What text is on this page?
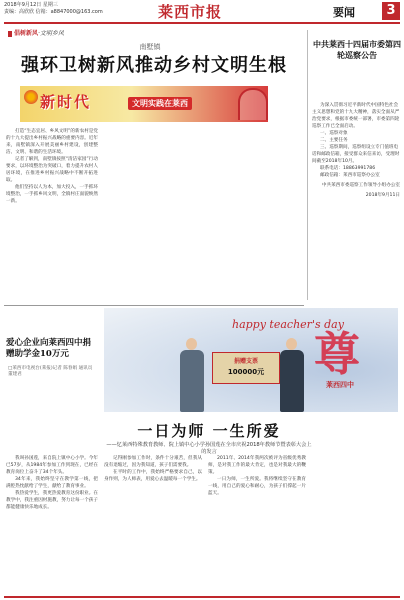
2018年9月12日 星期三
责编：高欣欣 信箱：a8847000@163.com	莱西市报	要闻	3
倡树新风·文明乡风
南墅镇
强环卫树新风推动乡村文明生根
新时代	文明实践在莱西

打造“生态宜居、乡风文明”的新农村是党的十九大提出乡村振兴战略的重要内容。近年来，南墅镇深入开展美丽乡村建设，创建整洁、文明、和谐的生活环境。

记者了解到，南墅镇按照“清洁家园”行动要求，以环境整治为突破口，着力提升农村人居环境，在推进乡村振兴战略中不断开拓进取。

他们坚持以人为本，加大投入，一手抓环境整治，一手抓乡风文明，全镇村庄面貌焕然一新。

中共莱西十四届市委第四轮巡察公告

为深入贯彻习近平新时代中国特色社会主义思想和党的十九大精神，落实全面从严治党要求，根据市委统一部署，市委第四轮巡察工作已全面启动。

一、巡察对象

二、主要任务

三、巡察期间，巡察组设立专门值班电话和邮政信箱，接受群众来信来访，受理时间截至2018年10月。

联系电话：18863991786

邮政信箱：莱西市巡察办公室

中共莱西市委巡察工作领导小组办公室

2018年9月11日

爱心企业向莱西四中捐赠助学金10万元
□莱西市电视台(莱报)记者 陈春娟 通讯员 董建君
happy teacher's day
尊
莱西四中
捐赠支票
100000元
一日为师 一生所爱
——忆莱西特殊教育教师、院上镇中心小学孙国莲在全市庆祝2018年教师节暨表彰大会上的发言

我叫孙国莲，来自院上镇中心小学。今年已57岁，从1984年参加工作到现在，已经在教育岗位上奋斗了34个年头。

34年来，我始终坚守在教学第一线，把满腔热忱献给了学生，献给了教育事业。

我热爱学生，我更热爱教育这份职业。在教学中，我注重因材施教，努力让每一个孩子都能健康快乐地成长。

记得刚参加工作时，条件十分艰苦，但我从没有退缩过，因为我知道，孩子们需要我。

在平时的工作中，我始终严格要求自己，以身作则，为人师表，用爱心去温暖每一个学生。

2011年、2014年我两次被评为省级优秀教师，是对我工作的最大肯定，也是对我最大的鞭策。

一日为师，一生所爱。我将继续坚守在教育一线，用自己的爱心和耐心，为孩子们撑起一片蓝天。
